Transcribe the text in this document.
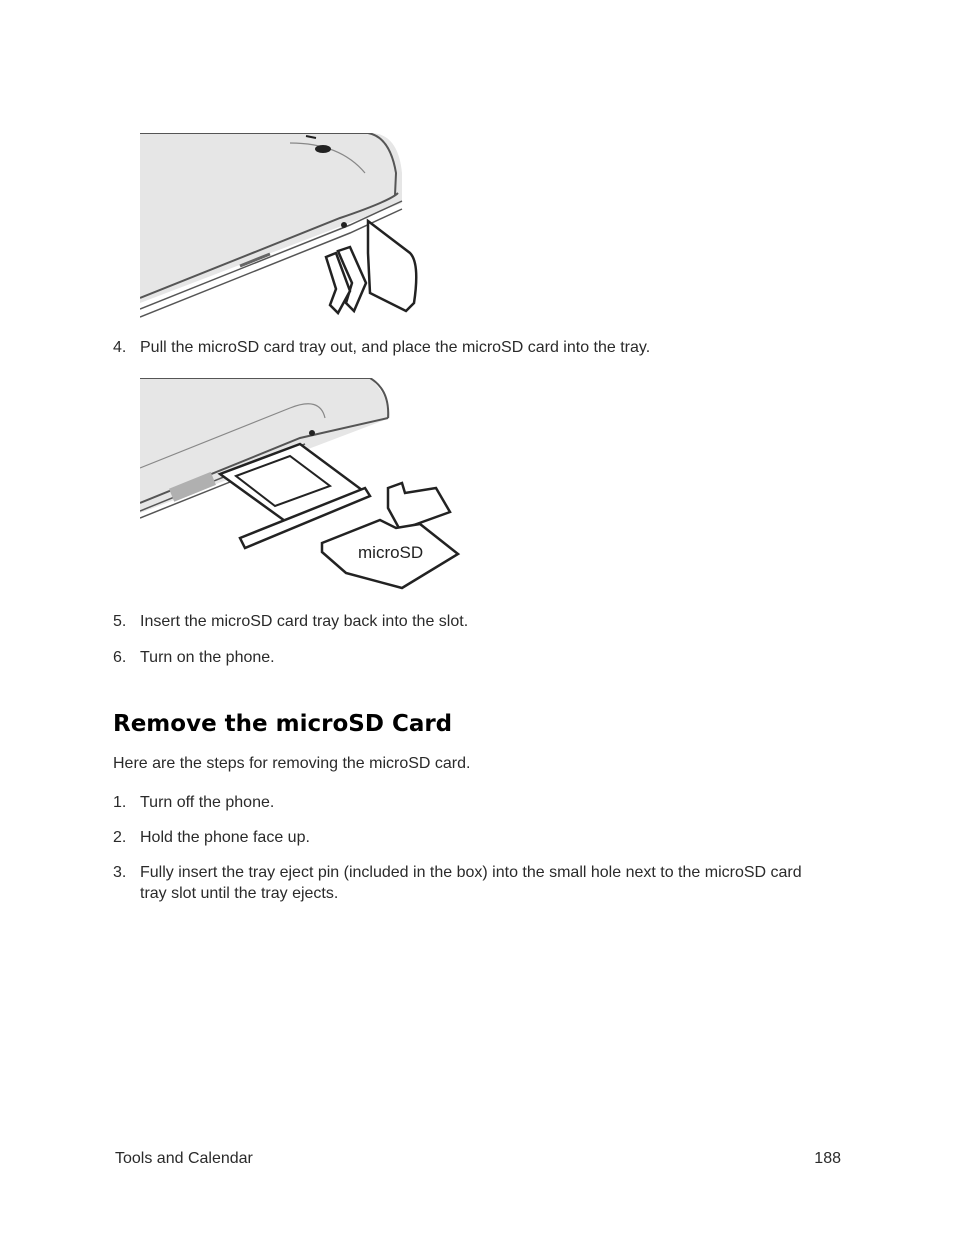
4. Pull the microSD card tray out, and place the microSD card into the tray.
microSD
5. Insert the microSD card tray back into the slot.
6. Turn on the phone.
Remove the microSD Card
Here are the steps for removing the microSD card.
1. Turn off the phone.
2. Hold the phone face up.
3. Fully insert the tray eject pin (included in the box) into the small hole next to the microSD card tray slot until the tray ejects.
Tools and Calendar	188
